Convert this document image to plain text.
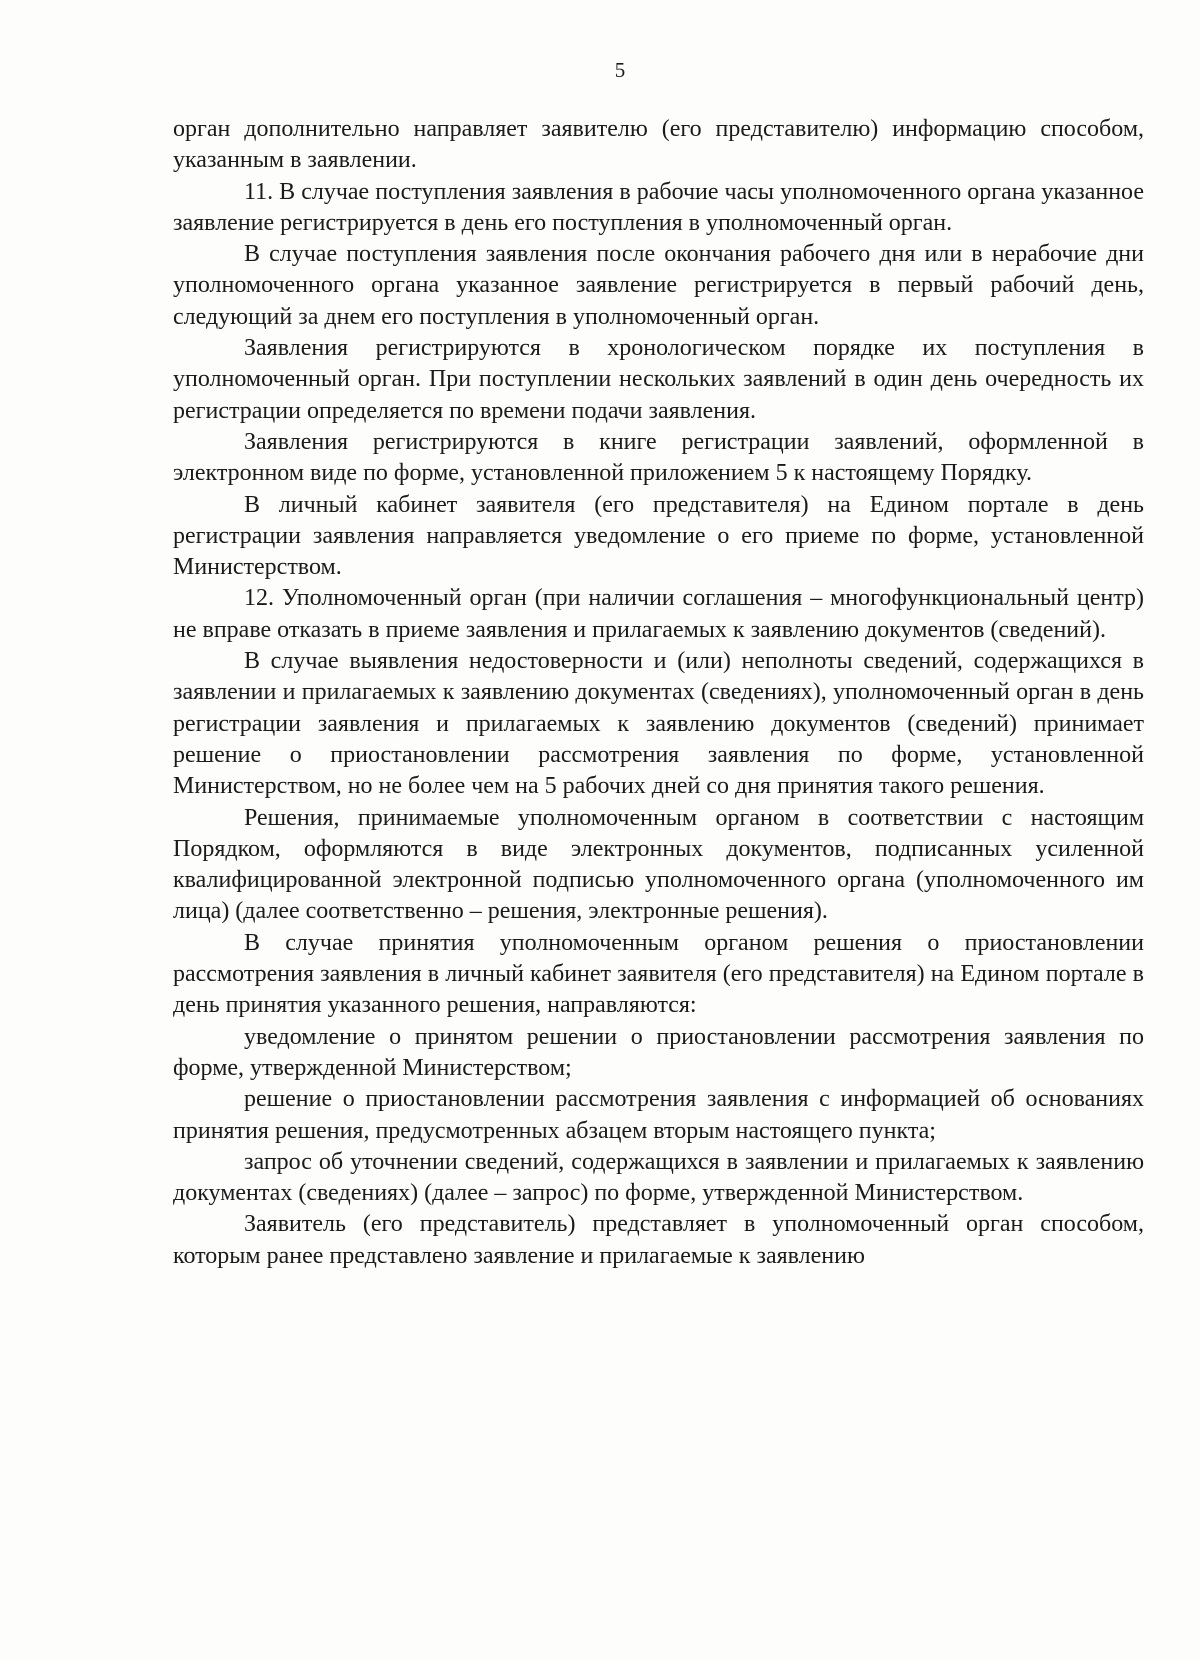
5

орган дополнительно направляет заявителю (его представителю) информацию способом, указанным в заявлении.

11. В случае поступления заявления в рабочие часы уполномоченного органа указанное заявление регистрируется в день его поступления в уполномоченный орган.

В случае поступления заявления после окончания рабочего дня или в нерабочие дни уполномоченного органа указанное заявление регистрируется в первый рабочий день, следующий за днем его поступления в уполномоченный орган.

Заявления регистрируются в хронологическом порядке их поступления в уполномоченный орган. При поступлении нескольких заявлений в один день очередность их регистрации определяется по времени подачи заявления.

Заявления регистрируются в книге регистрации заявлений, оформленной в электронном виде по форме, установленной приложением 5 к настоящему Порядку.

В личный кабинет заявителя (его представителя) на Едином портале в день регистрации заявления направляется уведомление о его приеме по форме, установленной Министерством.

12. Уполномоченный орган (при наличии соглашения – многофункциональный центр) не вправе отказать в приеме заявления и прилагаемых к заявлению документов (сведений).

В случае выявления недостоверности и (или) неполноты сведений, содержащихся в заявлении и прилагаемых к заявлению документах (сведениях), уполномоченный орган в день регистрации заявления и прилагаемых к заявлению документов (сведений) принимает решение о приостановлении рассмотрения заявления по форме, установленной Министерством, но не более чем на 5 рабочих дней со дня принятия такого решения.

Решения, принимаемые уполномоченным органом в соответствии с настоящим Порядком, оформляются в виде электронных документов, подписанных усиленной квалифицированной электронной подписью уполномоченного органа (уполномоченного им лица) (далее соответственно – решения, электронные решения).

В случае принятия уполномоченным органом решения о приостановлении рассмотрения заявления в личный кабинет заявителя (его представителя) на Едином портале в день принятия указанного решения, направляются:

уведомление о принятом решении о приостановлении рассмотрения заявления по форме, утвержденной Министерством;

решение о приостановлении рассмотрения заявления с информацией об основаниях принятия решения, предусмотренных абзацем вторым настоящего пункта;

запрос об уточнении сведений, содержащихся в заявлении и прилагаемых к заявлению документах (сведениях) (далее – запрос) по форме, утвержденной Министерством.

Заявитель (его представитель) представляет в уполномоченный орган способом, которым ранее представлено заявление и прилагаемые к заявлению
